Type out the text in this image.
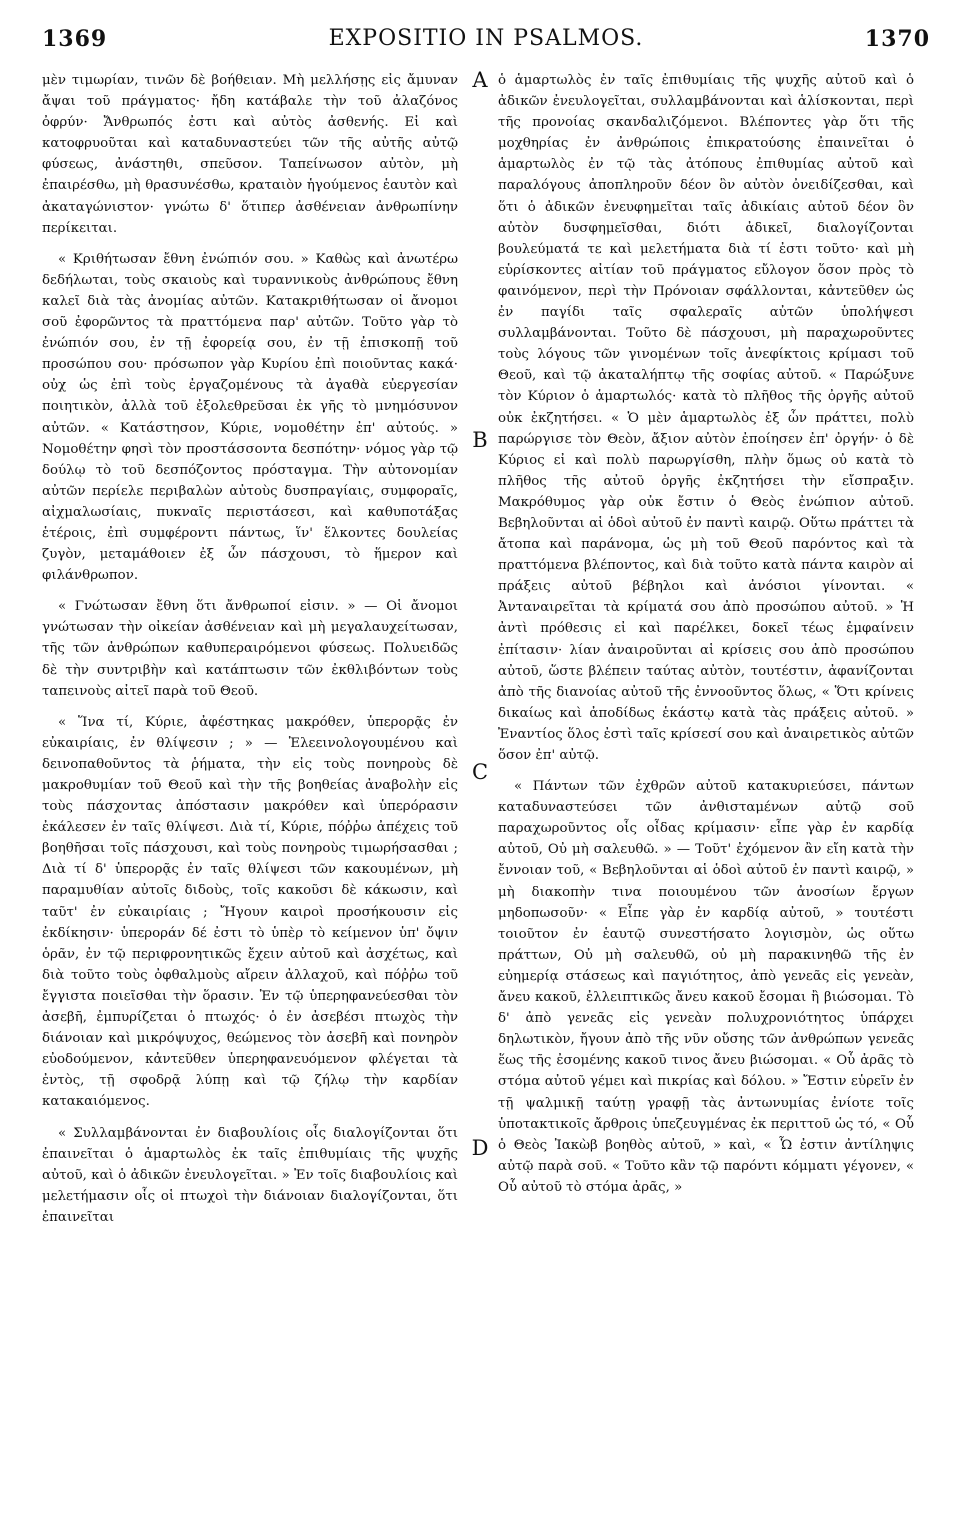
1369	EXPOSITIO IN PSALMOS.	1370

μὲν τιμωρίαν, τινῶν δὲ βοήθειαν. Μὴ μελλήσῃς εἰς ἄμυναν ἄψαι τοῦ πράγματος· ἤδη κατάβαλε τὴν τοῦ ἀλαζόνος ὀφρύν· Ἄνθρωπός ἐστι καὶ αὐτὸς ἀσθενής. Εἰ καὶ κατοφρυοῦται καὶ καταδυναστεύει τῶν τῆς αὐτῆς αὐτῷ φύσεως, ἀνάστηθι, σπεῦσον. Ταπείνωσον αὐτὸν, μὴ ἐπαιρέσθω, μὴ θρασυνέσθω, κραταιὸν ἡγούμενος ἑαυτὸν καὶ ἀκαταγώνιστον· γνώτω δ' ὅτιπερ ἀσθένειαν ἀνθρωπίνην περίκειται.

« Κριθήτωσαν ἔθνη ἐνώπιόν σου. » Καθὼς καὶ ἀνωτέρω δεδήλωται, τοὺς σκαιοὺς καὶ τυραννικοὺς ἀνθρώπους ἔθνη καλεῖ διὰ τὰς ἀνομίας αὐτῶν. Κατακριθήτωσαν οἱ ἄνομοι σοῦ ἐφορῶντος τὰ πραττόμενα παρ' αὐτῶν. Τοῦτο γὰρ τὸ ἐνώπιόν σου, ἐν τῇ ἐφορείᾳ σου, ἐν τῇ ἐπισκοπῇ τοῦ προσώπου σου· πρόσωπον γὰρ Κυρίου ἐπὶ ποιοῦντας κακά· οὐχ ὡς ἐπὶ τοὺς ἐργαζομένους τὰ ἀγαθὰ εὐεργεσίαν ποιητικὸν, ἀλλὰ τοῦ ἐξολεθρεῦσαι ἐκ γῆς τὸ μνημόσυνον αὐτῶν. « Κατάστησον, Κύριε, νομοθέτην ἐπ' αὐτούς. » Νομοθέτην φησὶ τὸν προστάσσοντα δεσπότην· νόμος γὰρ τῷ δούλῳ τὸ τοῦ δεσπόζοντος πρόσταγμα. Τὴν αὐτονομίαν αὐτῶν περίελε περιβαλὼν αὐτοὺς δυσπραγίαις, συμφοραῖς, αἰχμαλωσίαις, πυκναῖς περιστάσεσι, καὶ καθυποτάξας ἑτέροις, ἐπὶ συμφέροντι πάντως, ἵν' ἕλκοντες δουλείας ζυγὸν, μεταμάθοιεν ἐξ ὧν πάσχουσι, τὸ ἥμερον καὶ φιλάνθρωπον.

« Γνώτωσαν ἔθνη ὅτι ἄνθρωποί εἰσιν. » — Οἱ ἄνομοι γνώτωσαν τὴν οἰκείαν ἀσθένειαν καὶ μὴ μεγαλαυχείτωσαν, τῆς τῶν ἀνθρώπων καθυπεραιρόμενοι φύσεως. Πολυειδῶς δὲ τὴν συντριβὴν καὶ κατάπτωσιν τῶν ἐκθλιβόντων τοὺς ταπεινοὺς αἰτεῖ παρὰ τοῦ Θεοῦ.

« Ἵνα τί, Κύριε, ἀφέστηκας μακρόθεν, ὑπερορᾷς ἐν εὐκαιρίαις, ἐν θλίψεσιν ; » — Ἐλεεινολογουμένου καὶ δεινοπαθοῦντος τὰ ῥήματα, τὴν εἰς τοὺς πονηροὺς δὲ μακροθυμίαν τοῦ Θεοῦ καὶ τὴν τῆς βοηθείας ἀναβολὴν εἰς τοὺς πάσχοντας ἀπόστασιν μακρόθεν καὶ ὑπερόρασιν ἐκάλεσεν ἐν ταῖς θλίψεσι. Διὰ τί, Κύριε, πόῤῥω ἀπέχεις τοῦ βοηθῆσαι τοῖς πάσχουσι, καὶ τοὺς πονηροὺς τιμωρήσασθαι ; Διὰ τί δ' ὑπερορᾷς ἐν ταῖς θλίψεσι τῶν κακουμένων, μὴ παραμυθίαν αὐτοῖς διδοὺς, τοῖς κακοῦσι δὲ κάκωσιν, καὶ ταῦτ' ἐν εὐκαιρίαις ; Ἤγουν καιροὶ προσήκουσιν εἰς ἐκδίκησιν· ὑπεροράν δέ ἐστι τὸ ὑπὲρ τὸ κείμενον ὑπ' ὄψιν ὁρᾶν, ἐν τῷ περιφρονητικῶς ἔχειν αὐτοῦ καὶ ἀσχέτως, καὶ διὰ τοῦτο τοὺς ὀφθαλμοὺς αἴρειν ἀλλαχοῦ, καὶ πόῤῥω τοῦ ἔγγιστα ποιεῖσθαι τὴν ὅρασιν. Ἐν τῷ ὑπερηφανεύεσθαι τὸν ἀσεβῆ, ἐμπυρίζεται ὁ πτωχός· ὁ ἐν ἀσεβέσι πτωχὸς τὴν διάνοιαν καὶ μικρόψυχος, θεώμενος τὸν ἀσεβῆ καὶ πονηρὸν εὐοδούμενον, κἀντεῦθεν ὑπερηφανευόμενον φλέγεται τὰ ἐντὸς, τῇ σφοδρᾷ λύπῃ καὶ τῷ ζήλῳ τὴν καρδίαν κατακαιόμενος.

« Συλλαμβάνονται ἐν διαβουλίοις οἷς διαλογίζονται ὅτι ἐπαινεῖται ὁ ἁμαρτωλὸς ἐκ ταῖς ἐπιθυμίαις τῆς ψυχῆς αὐτοῦ, καὶ ὁ ἀδικῶν ἐνευλογεῖται. » Ἐν τοῖς διαβουλίοις καὶ μελετήμασιν οἷς οἱ πτωχοὶ τὴν διάνοιαν διαλογίζονται, ὅτι ἐπαινεῖται

A
B
C
D

ὁ ἁμαρτωλὸς ἐν ταῖς ἐπιθυμίαις τῆς ψυχῆς αὐτοῦ καὶ ὁ ἀδικῶν ἐνευλογεῖται, συλλαμβάνονται καὶ ἁλίσκονται, περὶ τῆς προνοίας σκανδαλιζόμενοι. Βλέποντες γὰρ ὅτι τῆς μοχθηρίας ἐν ἀνθρώποις ἐπικρατούσης ἐπαινεῖται ὁ ἁμαρτωλὸς ἐν τῷ τὰς ἀτόπους ἐπιθυμίας αὐτοῦ καὶ παραλόγους ἀποπληροῦν δέον ὃν αὐτὸν ὀνειδίζεσθαι, καὶ ὅτι ὁ ἀδικῶν ἐνευφημεῖται ταῖς ἀδικίαις αὐτοῦ δέον ὃν αὐτὸν δυσφημεῖσθαι, διότι ἀδικεῖ, διαλογίζονται βουλεύματά τε καὶ μελετήματα διὰ τί ἐστι τοῦτο· καὶ μὴ εὑρίσκοντες αἰτίαν τοῦ πράγματος εὔλογον ὅσον πρὸς τὸ φαινόμενον, περὶ τὴν Πρόνοιαν σφάλλονται, κἀντεῦθεν ὡς ἐν παγίδι ταῖς σφαλεραῖς αὐτῶν ὑπολήψεσι συλλαμβάνονται. Τοῦτο δὲ πάσχουσι, μὴ παραχωροῦντες τοὺς λόγους τῶν γινομένων τοῖς ἀνεφίκτοις κρίμασι τοῦ Θεοῦ, καὶ τῷ ἀκαταλήπτῳ τῆς σοφίας αὐτοῦ. « Παρώξυνε τὸν Κύριον ὁ ἁμαρτωλός· κατὰ τὸ πλῆθος τῆς ὀργῆς αὐτοῦ οὐκ ἐκζητήσει. « Ὁ μὲν ἁμαρτωλὸς ἐξ ὧν πράττει, πολὺ παρώργισε τὸν Θεὸν, ἄξιον αὐτὸν ἐποίησεν ἐπ' ὀργήν· ὁ δὲ Κύριος εἰ καὶ πολὺ παρωργίσθη, πλὴν ὅμως οὐ κατὰ τὸ πλῆθος τῆς αὐτοῦ ὀργῆς ἐκζητήσει τὴν εἴσπραξιν. Μακρόθυμος γὰρ οὐκ ἔστιν ὁ Θεὸς ἐνώπιον αὐτοῦ. Βεβηλοῦνται αἱ ὁδοὶ αὐτοῦ ἐν παντὶ καιρῷ. Οὕτω πράττει τὰ ἄτοπα καὶ παράνομα, ὡς μὴ τοῦ Θεοῦ παρόντος καὶ τὰ πραττόμενα βλέποντος, καὶ διὰ τοῦτο κατὰ πάντα καιρὸν αἱ πράξεις αὐτοῦ βέβηλοι καὶ ἀνόσιοι γίνονται. « Ἀνταναιρεῖται τὰ κρίματά σου ἀπὸ προσώπου αὐτοῦ. » Ἡ ἀντὶ πρόθεσις εἰ καὶ παρέλκει, δοκεῖ τέως ἐμφαίνειν ἐπίτασιν· λίαν ἀναιροῦνται αἱ κρίσεις σου ἀπὸ προσώπου αὐτοῦ, ὥστε βλέπειν ταύτας αὐτὸν, τουτέστιν, ἀφανίζονται ἀπὸ τῆς διανοίας αὐτοῦ τῆς ἐννοοῦντος ὅλως, « Ὅτι κρίνεις δικαίως καὶ ἀποδίδως ἑκάστῳ κατὰ τὰς πράξεις αὐτοῦ. » Ἐναντίος ὅλος ἐστὶ ταῖς κρίσεσί σου καὶ ἀναιρετικὸς αὐτῶν ὅσον ἐπ' αὐτῷ.

« Πάντων τῶν ἐχθρῶν αὐτοῦ κατακυριεύσει, πάντων καταδυναστεύσει τῶν ἀνθισταμένων αὐτῷ σοῦ παραχωροῦντος οἷς οἶδας κρίμασιν· εἶπε γὰρ ἐν καρδίᾳ αὐτοῦ, Οὐ μὴ σαλευθῶ. » — Τοῦτ' ἐχόμενον ἂν εἴη κατὰ τὴν ἔννοιαν τοῦ, « Βεβηλοῦνται αἱ ὁδοὶ αὐτοῦ ἐν παντὶ καιρῷ, » μὴ διακοπὴν τινα ποιουμένου τῶν ἀνοσίων ἔργων μηδοπωσοῦν· « Εἶπε γὰρ ἐν καρδίᾳ αὐτοῦ, » τουτέστι τοιοῦτον ἐν ἑαυτῷ συνεστήσατο λογισμὸν, ὡς οὕτω πράττων, Οὐ μὴ σαλευθῶ, οὐ μὴ παρακινηθῶ τῆς ἐν εὐημερίᾳ στάσεως καὶ παγιότητος, ἀπὸ γενεᾶς εἰς γενεὰν, ἄνευ κακοῦ, ἐλλειπτικῶς ἄνευ κακοῦ ἔσομαι ἢ βιώσομαι. Τὸ δ' ἀπὸ γενεᾶς εἰς γενεὰν πολυχρονιότητος ὑπάρχει δηλωτικὸν, ἤγουν ἀπὸ τῆς νῦν οὔσης τῶν ἀνθρώπων γενεᾶς ἕως τῆς ἐσομένης κακοῦ τινος ἄνευ βιώσομαι. « Οὗ ἀρᾶς τὸ στόμα αὐτοῦ γέμει καὶ πικρίας καὶ δόλου. » Ἔστιν εὑρεῖν ἐν τῇ ψαλμικῇ ταύτῃ γραφῇ τὰς ἀντωνυμίας ἐνίοτε τοῖς ὑποτακτικοῖς ἄρθροις ὑπεζευγμένας ἐκ περιττοῦ ὡς τό, « Οὗ ὁ Θεὸς Ἰακὼβ βοηθὸς αὐτοῦ, » καὶ, « Ὧ ἐστιν ἀντίληψις αὐτῷ παρὰ σοῦ. « Τοῦτο κἂν τῷ παρόντι κόμματι γέγονεν, « Οὗ αὐτοῦ τὸ στόμα ἀρᾶς, »
